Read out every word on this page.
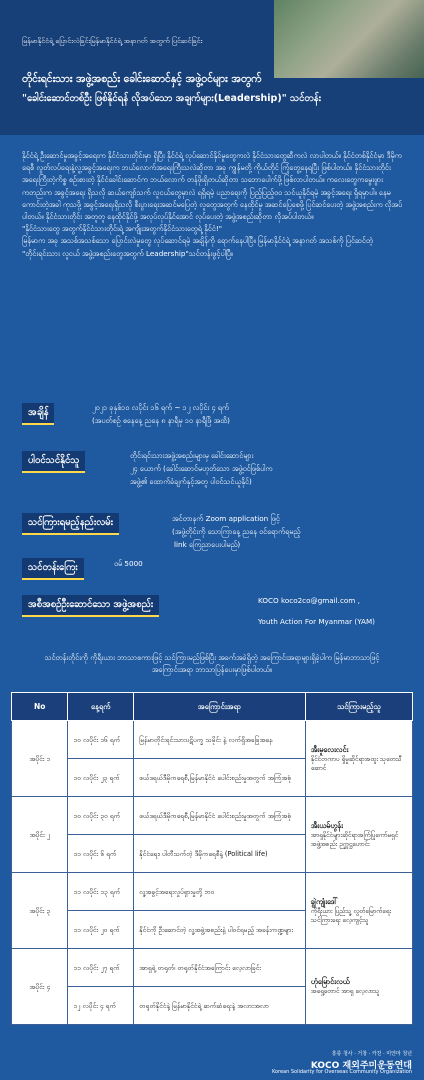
မြန်မာနိုင်ငံရဲ့ ပြောင်းလဲခြင်းမြန်မာနိုင်ငံရဲ့ အနာဂတ် အတွက် ပြင်ဆင်ခြင်း
တိုင်းရင်းသား အဖွဲ့အစည်း ခေါင်းဆောင်နှင့် အဖွဲ့ဝင်များ အတွက်
"ခေါင်းဆောင်တစ်ဦး ဖြစ်နိုင်ရန် လိုအပ်သော အချက်များ(Leadership)" သင်တန်း

နိုင်ငံရဲ့ ဦးဆောင်မှုအခွင့်အရေးက နိုင်ငံသားတိုင်းမှာ ရှိပြီး နိုင်ငံရဲ့ လုပ်ဆောင်နိုင်မှုတွေကလဲ နိုင်ငံသားတွေဆီကလဲ လာပါတယ်။ နိုင်ငံတစ်နိုင်ငံမှာ ဒီမိုကရေစီ လွတ်လပ်ရေးနဲ့လူ့အခွင့်အရေးက ဘယ်လောက်အရေးကြီးသလဲဆိုတာ အခု ကျွန်မတို့ ကိုယ်တိုင် ကြုံတွေ့နေရပြီး ဖြစ်ပါတယ်။ နိုင်ငံသားတိုင်း အရေးကြီးတဲ့ကိစ္စ စဉ်းစားတဲ့ နိုင်ငံခေါင်းဆောင်က ဘယ်လောက် တန်ဖိုးရှိတယ်ဆိုတာ သဘောပေါက်ဖို့ ဖြစ်လာပါတယ်။ ကလေးတွေကမွေးဖွားကတည်းက အခွင့်အရေး ရှိသလို ဆယ်ကျော်သက် လူငယ်တွေမှာလဲ ရရှိရမဲ့ ပညာရေးကို ပြည့်ပြည့်ဝဝ သင်ယူနိုင်ရမဲ့ အခွင့်အရေး ရှိရမှာပါ။ နေမကောင်းတဲ့အခါ ကုသဖို့ အခွင့်အရေးရှိသလို စီးပွားရေးအဆင်မပြေတဲ့ လူတွေအတွက် နေထိုင်မှု အဆင်ပြေစေဖို့ ပြင်ဆင်ပေးတဲ့ အဖွဲ့အစည်းက လိုအပ်ပါတယ်။ နိုင်ငံသားတိုင်း အတူတူ နေထိုင်နိုင်ဖို့ အလုပ်လုပ်နိုင်အောင် လုပ်ပေးတဲ့ အဖွဲ့အစည်းဆိုတာ လိုအပ်ပါတယ်။

"နိုင်ငံသားတွေ အတွက်နိုင်ငံသားတိုင်းရဲ့ အကျိုးအတွက်နိုင်ငံသားတွေရဲ့ နိုင်ငံ!"

မြန်မာက အခု အသစ်အသစ်သော ပြောင်းလဲမှုတွေ လုပ်ဆောင်ရမဲ့ အချိန်ကို ရောက်နေပါပြီ။ မြန်မာနိုင်ငံရဲ့ အနာဂတ် အသစ်ကို ပြင်ဆင်တဲ့ "တိုင်းရင်းသား လူငယ် အဖွဲ့အစည်းတွေအတွက် Leadership"သင်တန်းဖွင့်ပါပြီ။

အချိန်	၂၀၂၁ ခုနှစ်၁၀ လပိုင်း ၁၆ ရက် ~ ၁၂ လပိုင်း ၄ ရက်
(အပတ်စဉ် စနေနေ့ ညနေ ၈ နာရီမှ ၁၀ နာရီဖြိ အထိ)
ပါဝင်သင်နိုင်သူ	တိုင်းရင်းသားအဖွဲ့အစည်းများမှ ခေါင်းဆောင်များ
၂၄ ယောက် (ခေါင်းဆောင်မဟုတ်သော အဖွဲ့ဝင်ဖြစ်ပါက
အဖွဲ့၏ ထောက်ခံချက်နှင့်အတူ ပါဝင်သင်ယူနိုင်)
သင်ကြားရမည့်နည်းလမ်း	အင်တာနက် Zoom application ဖြင့်
(အဖွဲ့တိုင်းကို သောကြာနေ့ ညနေ ဝင်ရောက်ရမည့်
link ကြေညာပေးပါမည်)
သင်တန်းကြေး	ဝမ် 5000
အစီအစဉ်ဦးဆောင်သော အဖွဲ့အစည်း	KOCO koco2co@gmail.com ,
Youth Action For Myanmar (YAM)
သင်တန်းတိုင်းကို ကိုရီးယား ဘာသာစကားဖြင့် သင်ကြားမည်ဖြစ်ပြီး အခက်အခဲရှိတဲ့ အကြောင်းအရာများရှိခဲ့ပါက မြန်မာဘာသာဖြင့် အကြောင်းအရာ ဘာသာပြန်ပေးမှာဖြစ်ပါတယ်။
No	နေ့ရက်	အကြောင်းအရာ	သင်ကြားမည့်သူ
အပိုင်း ၁	၁၀ လပိုင်း ၁၆ ရက်	မြန်မာတိုင်းရင်းသားပဋိပက္ခ သမိုင်း နဲ့ လက်ရှိအခြေအနေ	အီးမူလေးလင်း
နိုင်ငံတကာပ ရှိမှုဆိုင်ရာအထူး သုတေသီဆောင်

	၁၀ လပိုင်း ၂၃ ရက်	ဖယ်ဒရယ်ဒီမိုကရေစီ,မြန်မာနိုင်ငံ ပေါင်းစည်းမှုအတွက် အကြံအစုံ	
အပိုင်း ၂	၁၀ လပိုင်း ၃၀ ရက်	ဖယ်ဒရယ်ဒီမိုကရေစီ,မြန်မာနိုင်ငံ ပေါင်းစည်းမှုအတွက် အကြံအစုံ	အီးယမ်ဟွန်း
အာရှနိုင်ငံများဆိုင်ရာအကြံပြုကော်မရှင် အဖွဲ့အစည်း ဉက္ကဋ္ဌဟောင်း

	၁၁ လပိုင်း ၆ ရက်	နိုင်ငံရေး၊ ပါတီသက်တဲ့ ဒီမိုကရေစီနဲ့ (Political life)	
အပိုင်း ၃	၁၁ လပိုင်း ၁၃ ရက်	လူ့အခွင့်အရေးလှုပ်ရှားမှုတို့ ဘ၀	ချွဲကျုံးဒေါ်
ကိုရီးယား ပြည်သူ့ လွတ်မြောက်ရေး သင်ကြားရေး လေ့ကျင့်သူ

	၁၁ လပိုင်း ၂၀ ရက်	နိုင်ငံကို ဦးဆောင်တဲ့ လူ့အဖွဲ့အစည်းနဲ့ ပါဝင်ရမည့် အခန်းကဏ္ဍများ	
အပိုင်း ၄	၁၁ လပိုင်း ၂၇ ရက်	အာရှရဲ့ တရုတ်၊ တရုတ်နိုင်ငံအကြောင်း လေ့လာခြင်း	ဟုံမြောင်းလယ်
အရှေ့တောင် အာရှ လေ့လာသူ

	၁၂ လပိုင်း ၄ ရက်	တရုတ်နိုင်ငံနဲ့ မြန်မာနိုင်ငံရဲ့ ဆက်ဆံရေးနဲ့ အလားအလာ	
흥릉 청사 · 거창 · 카친 · 미얀마 청년
KOCO 재외주미운동연대
Korean Solidarity for Overseas Community Organization
